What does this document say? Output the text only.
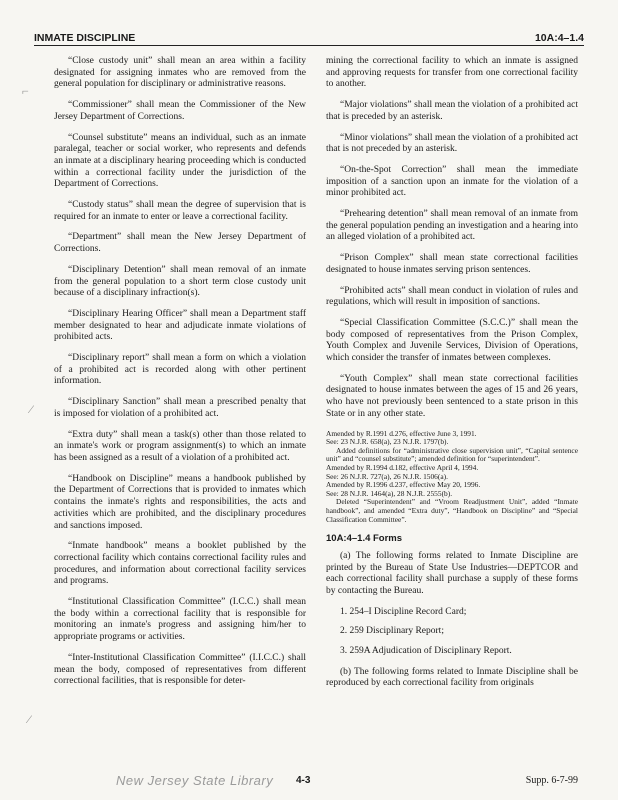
INMATE DISCIPLINE	10A:4–1.4
⌐
⁄
⁄

“Close custody unit” shall mean an area within a facility designated for assigning inmates who are removed from the general population for disciplinary or administrative reasons.

“Commissioner” shall mean the Commissioner of the New Jersey Department of Corrections.

“Counsel substitute” means an individual, such as an inmate paralegal, teacher or social worker, who represents and defends an inmate at a disciplinary hearing proceeding which is conducted within a correctional facility under the jurisdiction of the Department of Corrections.

“Custody status” shall mean the degree of supervision that is required for an inmate to enter or leave a correctional facility.

“Department” shall mean the New Jersey Department of Corrections.

“Disciplinary Detention” shall mean removal of an inmate from the general population to a short term close custody unit because of a disciplinary infraction(s).

“Disciplinary Hearing Officer” shall mean a Department staff member designated to hear and adjudicate inmate violations of prohibited acts.

“Disciplinary report” shall mean a form on which a violation of a prohibited act is recorded along with other pertinent information.

“Disciplinary Sanction” shall mean a prescribed penalty that is imposed for violation of a prohibited act.

“Extra duty” shall mean a task(s) other than those related to an inmate's work or program assignment(s) to which an inmate has been assigned as a result of a violation of a prohibited act.

“Handbook on Discipline” means a handbook published by the Department of Corrections that is provided to inmates which contains the inmate's rights and responsibilities, the acts and activities which are prohibited, and the disciplinary procedures and sanctions imposed.

“Inmate handbook” means a booklet published by the correctional facility which contains correctional facility rules and procedures, and information about correctional facility services and programs.

“Institutional Classification Committee” (I.C.C.) shall mean the body within a correctional facility that is responsible for monitoring an inmate's progress and assigning him/her to appropriate programs or activities.

“Inter-Institutional Classification Committee” (I.I.C.C.) shall mean the body, composed of representatives from different correctional facilities, that is responsible for deter-

mining the correctional facility to which an inmate is assigned and approving requests for transfer from one correctional facility to another.

“Major violations” shall mean the violation of a prohibited act that is preceded by an asterisk.

“Minor violations” shall mean the violation of a prohibited act that is not preceded by an asterisk.

“On-the-Spot Correction” shall mean the immediate imposition of a sanction upon an inmate for the violation of a minor prohibited act.

“Prehearing detention” shall mean removal of an inmate from the general population pending an investigation and a hearing into an alleged violation of a prohibited act.

“Prison Complex” shall mean state correctional facilities designated to house inmates serving prison sentences.

“Prohibited acts” shall mean conduct in violation of rules and regulations, which will result in imposition of sanctions.

“Special Classification Committee (S.C.C.)” shall mean the body composed of representatives from the Prison Complex, Youth Complex and Juvenile Services, Division of Operations, which consider the transfer of inmates between complexes.

“Youth Complex” shall mean state correctional facilities designated to house inmates between the ages of 15 and 26 years, who have not previously been sentenced to a state prison in this State or in any other state.

Amended by R.1991 d.276, effective June 3, 1991.
See: 23 N.J.R. 658(a), 23 N.J.R. 1797(b).
Added definitions for “administrative close supervision unit”, “Capital sentence unit” and “counsel substitute”; amended definition for “superintendent”.
Amended by R.1994 d.182, effective April 4, 1994.
See: 26 N.J.R. 727(a), 26 N.J.R. 1506(a).
Amended by R.1996 d.237, effective May 20, 1996.
See: 28 N.J.R. 1464(a), 28 N.J.R. 2555(b).
Deleted “Superintendent” and “Vroom Readjustment Unit”, added “Inmate handbook”, and amended “Extra duty”, “Handbook on Discipline” and “Special Classification Committee”.
10A:4–1.4 Forms

(a) The following forms related to Inmate Discipline are printed by the Bureau of State Use Industries—DEPTCOR and each correctional facility shall purchase a supply of these forms by contacting the Bureau.

1. 254–I Discipline Record Card;
2. 259 Disciplinary Report;
3. 259A Adjudication of Disciplinary Report.

(b) The following forms related to Inmate Discipline shall be reproduced by each correctional facility from originals

New Jersey State Library 4-3	Supp. 6-7-99
